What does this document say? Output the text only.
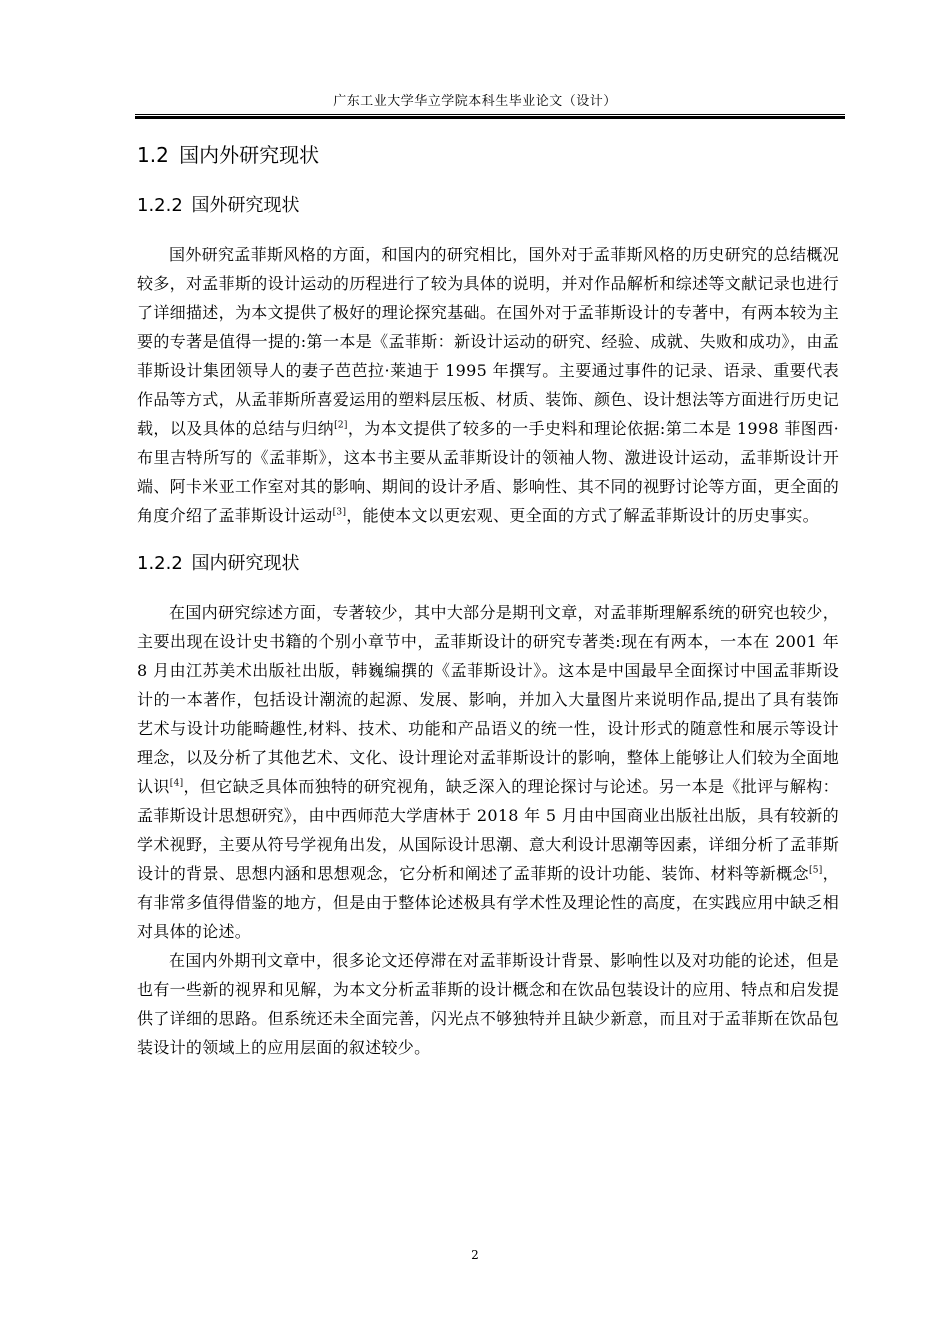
广东工业大学华立学院本科生毕业论文（设计）
1.2 国内外研究现状
1.2.2 国外研究现状

国外研究孟菲斯风格的方面，和国内的研究相比，国外对于孟菲斯风格的历史研究的总结概况较多，对孟菲斯的设计运动的历程进行了较为具体的说明，并对作品解析和综述等文献记录也进行了详细描述，为本文提供了极好的理论探究基础。在国外对于孟菲斯设计的专著中，有两本较为主要的专著是值得一提的:第一本是《孟菲斯：新设计运动的研究、经验、成就、失败和成功》，由孟菲斯设计集团领导人的妻子芭芭拉·莱迪于 1995 年撰写。主要通过事件的记录、语录、重要代表作品等方式，从孟菲斯所喜爱运用的塑料层压板、材质、装饰、颜色、设计想法等方面进行历史记载，以及具体的总结与归纳[2]，为本文提供了较多的一手史料和理论依据:第二本是 1998 菲图西·布里吉特所写的《孟菲斯》，这本书主要从孟菲斯设计的领袖人物、激进设计运动，孟菲斯设计开端、阿卡米亚工作室对其的影响、期间的设计矛盾、影响性、其不同的视野讨论等方面，更全面的角度介绍了孟菲斯设计运动[3]，能使本文以更宏观、更全面的方式了解孟菲斯设计的历史事实。

1.2.2 国内研究现状

在国内研究综述方面，专著较少，其中大部分是期刊文章，对孟菲斯理解系统的研究也较少，主要出现在设计史书籍的个别小章节中，孟菲斯设计的研究专著类:现在有两本，一本在 2001 年 8 月由江苏美术出版社出版，韩巍编撰的《孟菲斯设计》。这本是中国最早全面探讨中国孟菲斯设计的一本著作，包括设计潮流的起源、发展、影响，并加入大量图片来说明作品,提出了具有装饰艺术与设计功能畸趣性,材料、技术、功能和产品语义的统一性，设计形式的随意性和展示等设计理念，以及分析了其他艺术、文化、设计理论对孟菲斯设计的影响，整体上能够让人们较为全面地认识[4]，但它缺乏具体而独特的研究视角，缺乏深入的理论探讨与论述。另一本是《批评与解构：孟菲斯设计思想研究》，由中西师范大学唐林于 2018 年 5 月由中国商业出版社出版，具有较新的学术视野，主要从符号学视角出发，从国际设计思潮、意大利设计思潮等因素，详细分析了孟菲斯设计的背景、思想内涵和思想观念，它分析和阐述了孟菲斯的设计功能、装饰、材料等新概念[5]，有非常多值得借鉴的地方，但是由于整体论述极具有学术性及理论性的高度，在实践应用中缺乏相对具体的论述。

在国内外期刊文章中，很多论文还停滞在对孟菲斯设计背景、影响性以及对功能的论述，但是也有一些新的视界和见解，为本文分析孟菲斯的设计概念和在饮品包装设计的应用、特点和启发提供了详细的思路。但系统还未全面完善，闪光点不够独特并且缺少新意，而且对于孟菲斯在饮品包装设计的领域上的应用层面的叙述较少。

2
